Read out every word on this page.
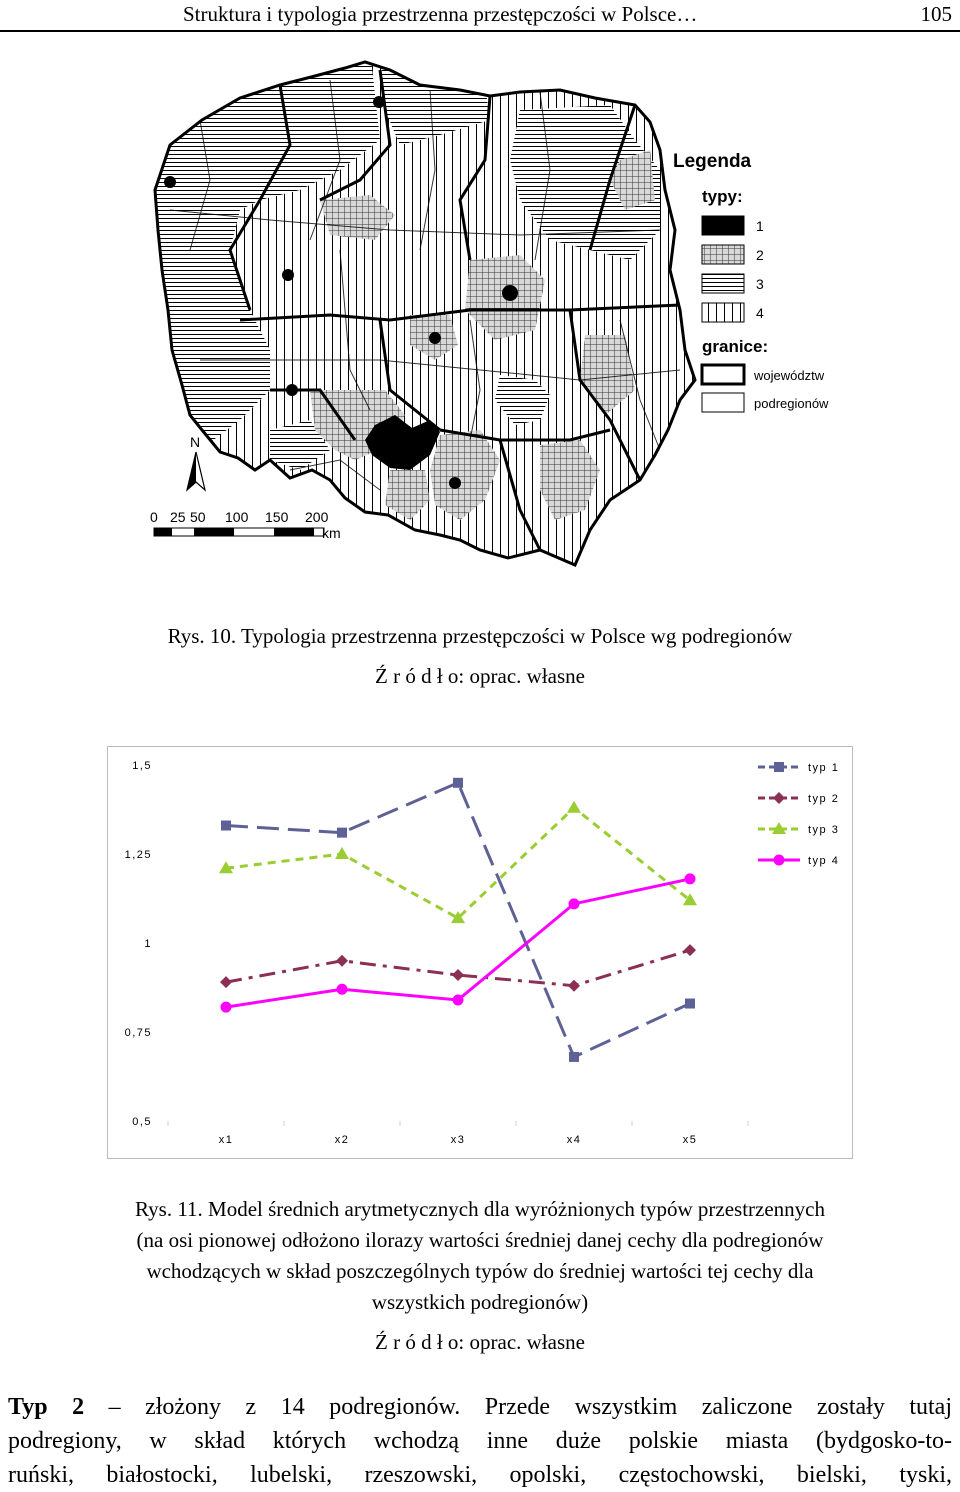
Struktura i typologia przestrzenna przestępczości w Polsce…	105
N
0 25 50 100 150 200
km
Legenda
typy:
1
2
3
4
granice:
województw
podregionów
Rys. 10. Typologia przestrzenna przestępczości w Polsce wg podregionów
Ź r ó d ł o: oprac. własne
0,5
0,75
1
1,25
1,5
x1	x2	x3	x4	x5
typ 1
typ 2
typ 3
typ 4
Rys. 11. Model średnich arytmetycznych dla wyróżnionych typów przestrzennych
(na osi pionowej odłożono ilorazy wartości średniej danej cechy dla podregionów
wchodzących w skład poszczególnych typów do średniej wartości tej cechy dla
wszystkich podregionów)
Ź r ó d ł o: oprac. własne
Typ 2 – złożony z 14 podregionów. Przede wszystkim zaliczone zostały tutaj
podregiony, w skład których wchodzą inne duże polskie miasta (bydgosko-to-
ruński, białostocki, lubelski, rzeszowski, opolski, częstochowski, bielski, tyski,
